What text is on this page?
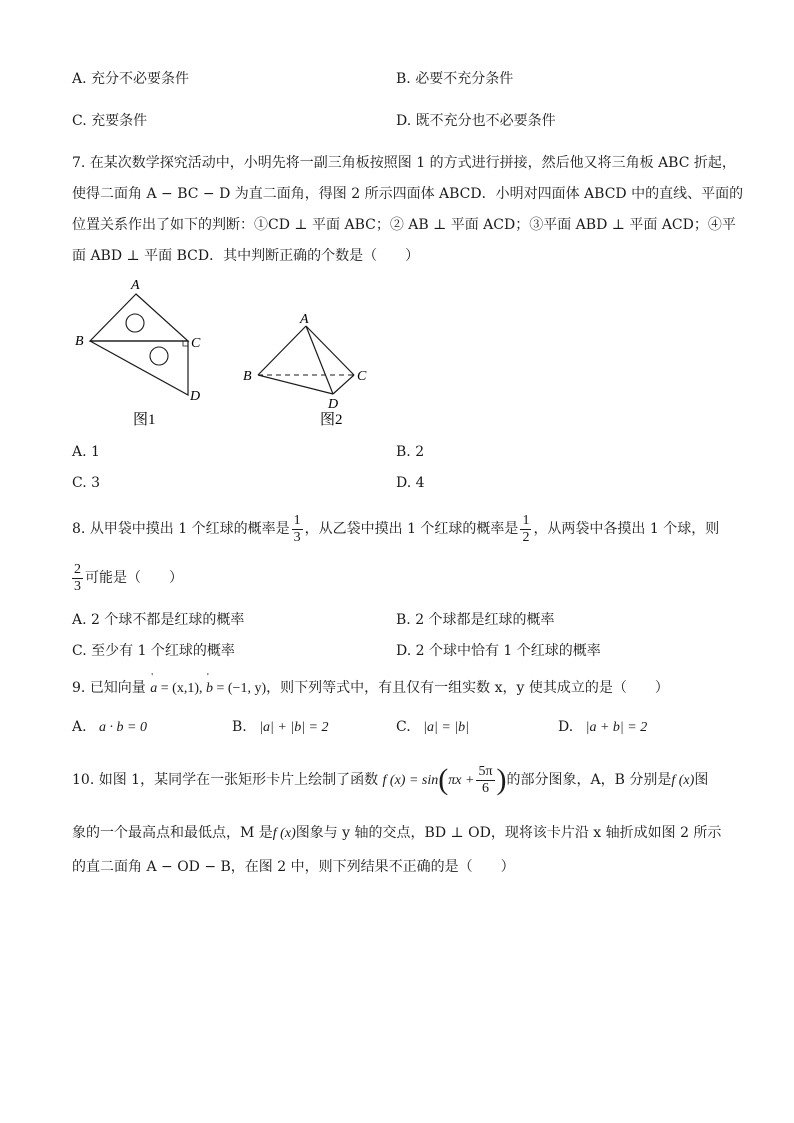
A. 充分不必要条件	B. 必要不充分条件
C. 充要条件	D. 既不充分也不必要条件
7. 在某次数学探究活动中，小明先将一副三角板按照图 1 的方式进行拼接，然后他又将三角板 ABC 折起，
使得二面角 A − BC − D 为直二面角，得图 2 所示四面体 ABCD．小明对四面体 ABCD 中的直线、平面的
位置关系作出了如下的判断：①CD ⊥ 平面 ABC；② AB ⊥ 平面 ACD；③平面 ABD ⊥ 平面 ACD；④平
面 ABD ⊥ 平面 BCD．其中判断正确的个数是（　　）
A
B	C
D
图1
A
B	C
D
图2
A. 1	B. 2
C. 3	D. 4
8. 从甲袋中摸出 1 个红球的概率是 $\frac{1}{3}$ ，从乙袋中摸出 1 个红球的概率是 $\frac{1}{2}$ ，从两袋中各摸出 1 个球，则
$\frac{2}{3}$ 可能是（　　）
A. 2 个球不都是红球的概率	B. 2 个球都是红球的概率
C. 至少有 1 个红球的概率	D. 2 个球中恰有 1 个红球的概率
9. 已知向量 ' a = (x,1), ' b = (−1, y)，则下列等式中，有且仅有一组实数 x，y 使其成立的是（　　）
A. a · b = 0	B. |a| + |b| = 2	C. |a| = |b|	D. |a + b| = 2
10. 如图 1，某同学在一张矩形卡片上绘制了函数 f $(x) = \sin(\pi x + \frac{5\pi}{6}$ )的部分图象，A，B 分别是f (x)图
象的一个最高点和最低点，M 是f (x)图象与 y 轴的交点，BD ⊥ OD，现将该卡片沿 x 轴折成如图 2 所示
的直二面角 A − OD − B，在图 2 中，则下列结果不正确的是（　　）
